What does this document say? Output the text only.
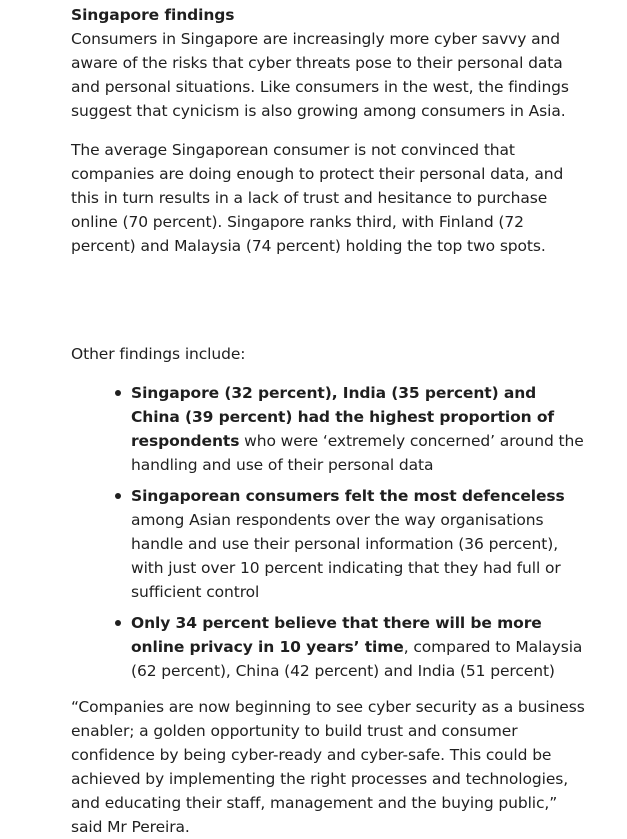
Singapore findings

Consumers in Singapore are increasingly more cyber savvy and aware of the risks that cyber threats pose to their personal data and personal situations. Like consumers in the west, the findings suggest that cynicism is also growing among consumers in Asia.

The average Singaporean consumer is not convinced that companies are doing enough to protect their personal data, and this in turn results in a lack of trust and hesitance to purchase online (70 percent). Singapore ranks third, with Finland (72 percent) and Malaysia (74 percent) holding the top two spots.

Other findings include:

Singapore (32 percent), India (35 percent) and China (39 percent) had the highest proportion of respondents who were ‘extremely concerned’ around the handling and use of their personal data
Singaporean consumers felt the most defenceless among Asian respondents over the way organisations handle and use their personal information (36 percent), with just over 10 percent indicating that they had full or sufficient control
Only 34 percent believe that there will be more online privacy in 10 years’ time, compared to Malaysia (62 percent), China (42 percent) and India (51 percent)

“Companies are now beginning to see cyber security as a business enabler; a golden opportunity to build trust and consumer confidence by being cyber-ready and cyber-safe. This could be achieved by implementing the right processes and technologies, and educating their staff, management and the buying public,” said Mr Pereira.
